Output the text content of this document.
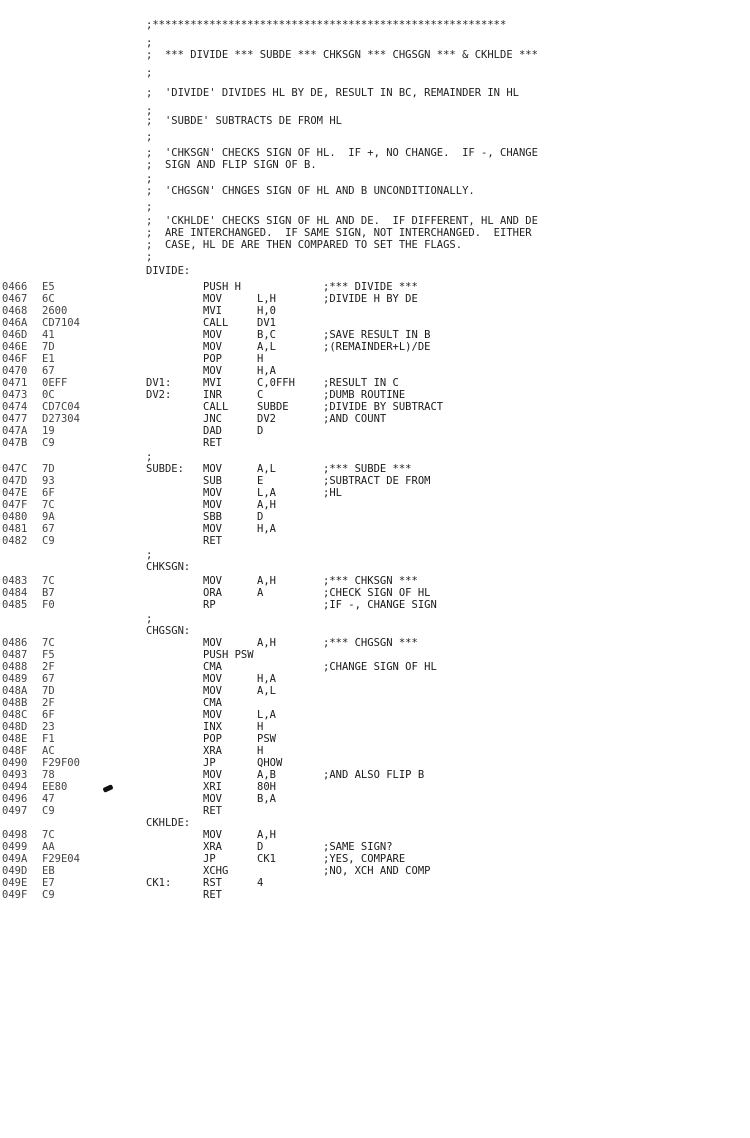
;********************************************************
;
;  *** DIVIDE *** SUBDE *** CHKSGN *** CHGSGN *** & CKHLDE ***
;
;  'DIVIDE' DIVIDES HL BY DE, RESULT IN BC, REMAINDER IN HL
;
;  'SUBDE' SUBTRACTS DE FROM HL
;
;  'CHKSGN' CHECKS SIGN OF HL.  IF +, NO CHANGE.  IF -, CHANGE
;  SIGN AND FLIP SIGN OF B.
;
;  'CHGSGN' CHNGES SIGN OF HL AND B UNCONDITIONALLY.
;
;  'CKHLDE' CHECKS SIGN OF HL AND DE.  IF DIFFERENT, HL AND DE
;  ARE INTERCHANGED.  IF SAME SIGN, NOT INTERCHANGED.  EITHER
;  CASE, HL DE ARE THEN COMPARED TO SET THE FLAGS.
;
DIVIDE:
0466 E5	PUSH H	;*** DIVIDE ***
0467 6C	MOV	L,H	;DIVIDE H BY DE
0468 2600	MVI	H,0
046A CD7104	CALL	DV1
046D 41	MOV	B,C	;SAVE RESULT IN B
046E 7D	MOV	A,L	;(REMAINDER+L)/DE
046F E1	POP	H
0470 67	MOV	H,A
0471 0EFF	DV1:	MVI	C,0FFH	;RESULT IN C
0473 0C	DV2:	INR	C	;DUMB ROUTINE
0474 CD7C04	CALL	SUBDE	;DIVIDE BY SUBTRACT
0477 D27304	JNC	DV2	;AND COUNT
047A 19	DAD	D
047B C9	RET
;
047C 7D	SUBDE: MOV	A,L	;*** SUBDE ***
047D 93	SUB	E	;SUBTRACT DE FROM
047E 6F	MOV	L,A	;HL
047F 7C	MOV	A,H
0480 9A	SBB	D
0481 67	MOV	H,A
0482 C9	RET
;
CHKSGN:
0483 7C	MOV	A,H	;*** CHKSGN ***
0484 B7	ORA	A	;CHECK SIGN OF HL
0485 F0	RP	;IF -, CHANGE SIGN
;
CHGSGN:
0486 7C	MOV	A,H	;*** CHGSGN ***
0487 F5	PUSH PSW
0488 2F	CMA	;CHANGE SIGN OF HL
0489 67	MOV	H,A
048A 7D	MOV	A,L
048B 2F	CMA
048C 6F	MOV	L,A
048D 23	INX	H
048E F1	POP	PSW
048F AC	XRA	H
0490 F29F00	JP	QHOW
0493 78	MOV	A,B	;AND ALSO FLIP B
0494 EE80	XRI	80H
0496 47	MOV	B,A
0497 C9	RET
CKHLDE:
0498 7C	MOV	A,H
0499 AA	XRA	D	;SAME SIGN?
049A F29E04	JP	CK1	;YES, COMPARE
049D EB	XCHG	;NO, XCH AND COMP
049E E7	CK1:	RST	4
049F C9	RET
